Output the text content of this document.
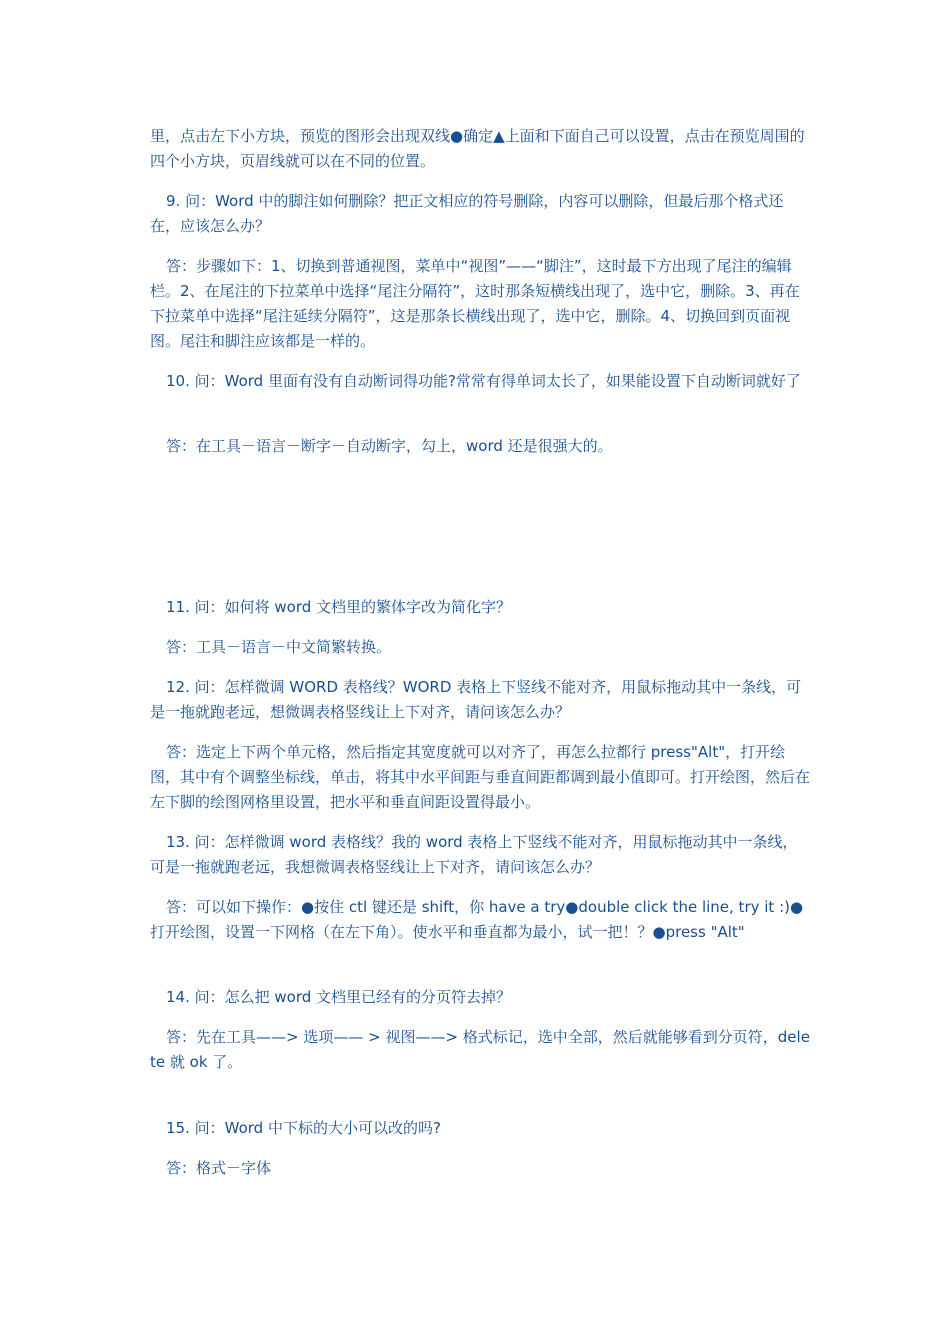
里，点击左下小方块，预览的图形会出现双线●确定▲上面和下面自己可以设置，点击在预览周围的四个小方块，页眉线就可以在不同的位置。

9. 问：Word 中的脚注如何删除？把正文相应的符号删除，内容可以删除，但最后那个格式还在，应该怎么办？

答：步骤如下：1、切换到普通视图，菜单中“视图”——“脚注”，这时最下方出现了尾注的编辑栏。2、在尾注的下拉菜单中选择“尾注分隔符”，这时那条短横线出现了，选中它，删除。3、再在下拉菜单中选择“尾注延续分隔符”，这是那条长横线出现了，选中它，删除。4、切换回到页面视图。尾注和脚注应该都是一样的。

10. 问：Word 里面有没有自动断词得功能?常常有得单词太长了，如果能设置下自动断词就好了

答：在工具－语言－断字－自动断字，勾上，word 还是很强大的。

11. 问：如何将 word 文档里的繁体字改为简化字？

答：工具－语言－中文简繁转换。

12. 问：怎样微调 WORD 表格线？WORD 表格上下竖线不能对齐，用鼠标拖动其中一条线，可是一拖就跑老远，想微调表格竖线让上下对齐，请问该怎么办？

答：选定上下两个单元格，然后指定其宽度就可以对齐了，再怎么拉都行 press"Alt"，打开绘图，其中有个调整坐标线，单击，将其中水平间距与垂直间距都调到最小值即可。打开绘图，然后在左下脚的绘图网格里设置，把水平和垂直间距设置得最小。

13. 问：怎样微调 word 表格线？我的 word 表格上下竖线不能对齐，用鼠标拖动其中一条线，可是一拖就跑老远，我想微调表格竖线让上下对齐，请问该怎么办？

答：可以如下操作：●按住 ctl 键还是 shift，你 have a try●double click the line, try it :)●打开绘图，设置一下网格（在左下角）。使水平和垂直都为最小，试一把！？●press "Alt"

14. 问：怎么把 word 文档里已经有的分页符去掉？

答：先在工具——> 选项—— > 视图——> 格式标记，选中全部，然后就能够看到分页符，delete 就 ok 了。

15. 问：Word 中下标的大小可以改的吗?

答：格式－字体
